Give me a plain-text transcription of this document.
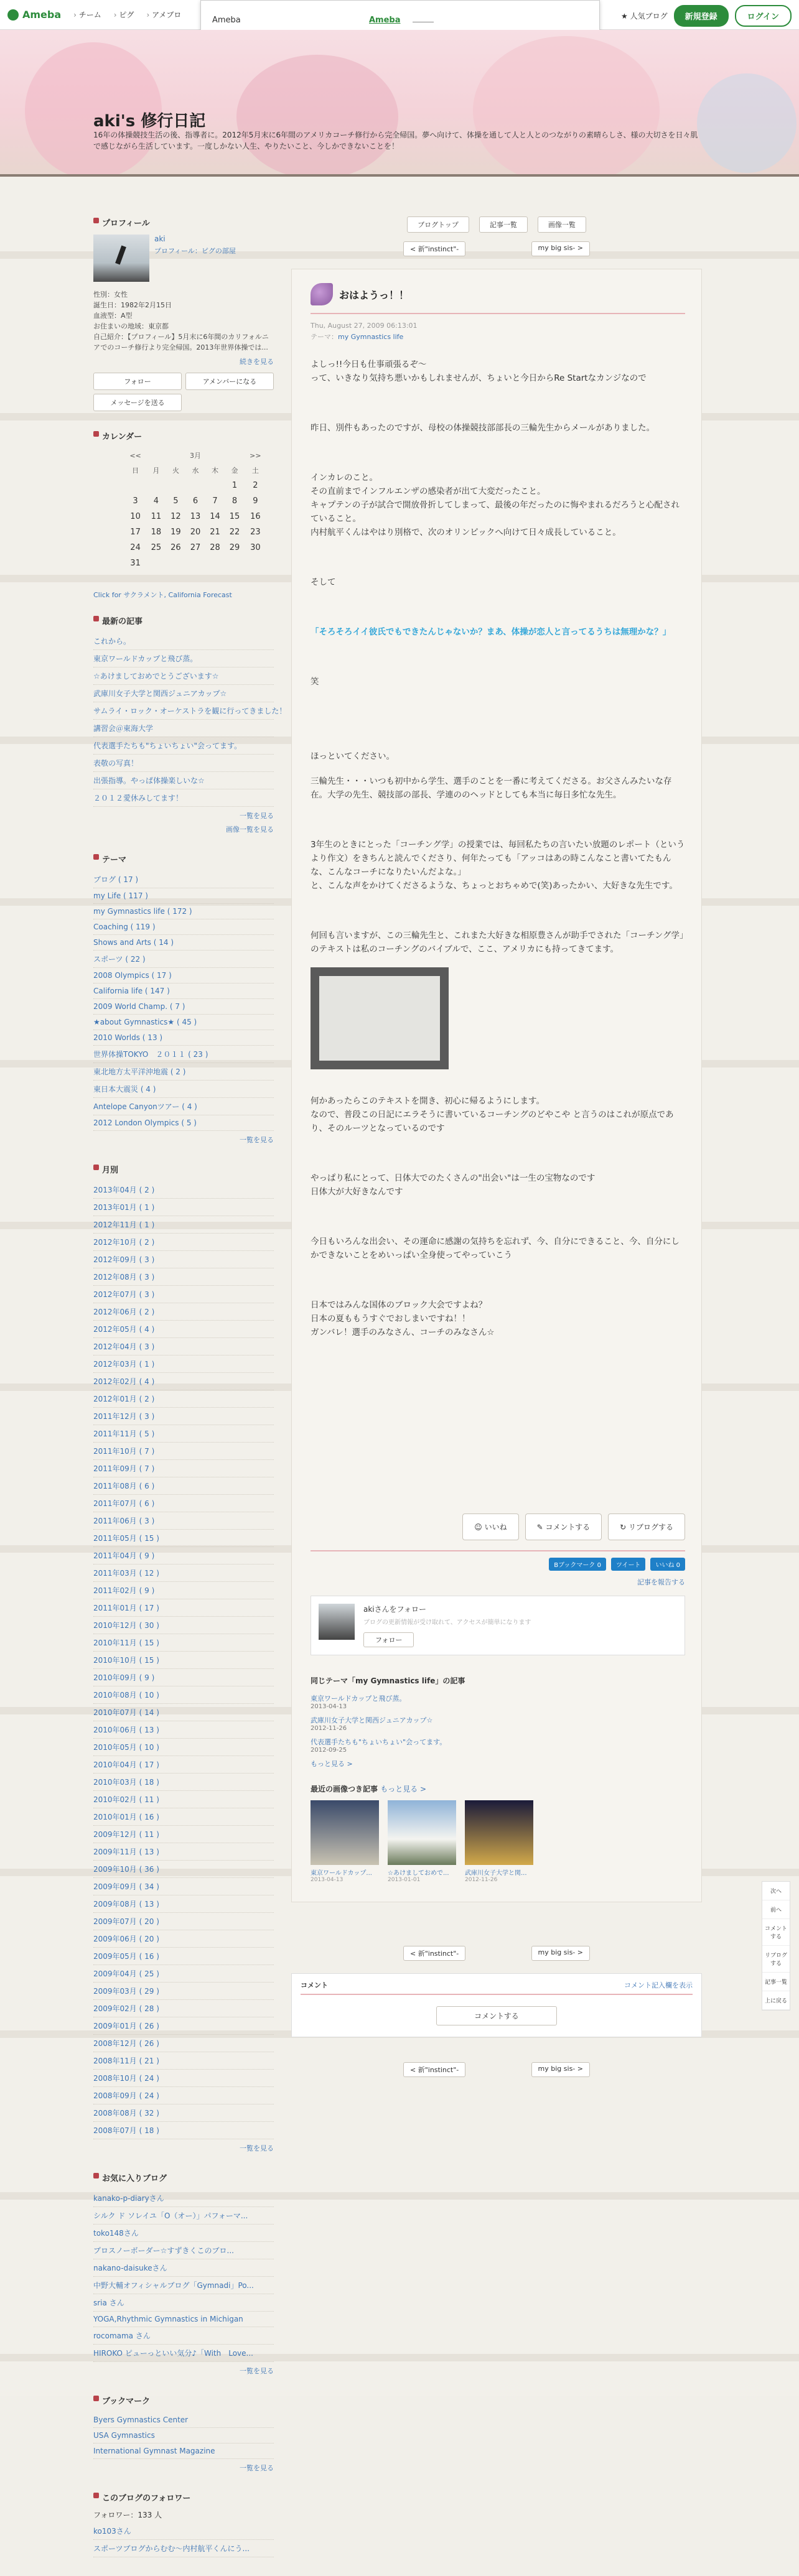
Ameba	› チーム	› ピグ	› アメブロ	★ 人気ブログ	新規登録	ログイン
Ameba	Ameba
aki's 修行日記
16年の体操競技生活の後、指導者に。2012年5月末に6年間のアメリカコーチ修行から完全帰国。夢へ向けて、体操を通して人と人とのつながりの素晴らしさ、様の大切さを日々肌で感じながら生活しています。一度しかない人生、やりたいこと、今しかできないことを！
プロフィール
aki
プロフィール：ピグの部屋
性別：女性
誕生日：1982年2月15日
血液型：A型
お住まいの地域：東京都
自己紹介：【プロフィール】5月末に6年間のカリフォルニアでのコーチ修行より完全帰国。2013年世界体操では...
続きを見る
フォロー	アメンバーになる
メッセージを送る
カレンダー
<<	3月					>>
日	月	火	水	木	金	土
					1	2
3	4	5	6	7	8	9
10	11	12	13	14	15	16
17	18	19	20	21	22	23
24	25	26	27	28	29	30
31						
Click for サクラメント, California Forecast
最新の記事
これから。
東京ワールドカップと飛び蒸。
☆あけましておめでとうございます☆
武庫川女子大学と関西ジュニアカップ☆
サムライ・ロック・オーケストラを観に行ってきました！
講習会＠東海大学
代表選手たちも"ちょいちょい"会ってます。
表敬の写真！
出張指導。やっぱ体操楽しいな☆
２０１２愛休みしてます！
一覧を見る
画像一覧を見る
テーマ
ブログ ( 17 )
my Life ( 117 )
my Gymnastics life ( 172 )
Coaching ( 119 )
Shows and Arts ( 14 )
スポーツ ( 22 )
2008 Olympics ( 17 )
California life ( 147 )
2009 World Champ. ( 7 )
★about Gymnastics★ ( 45 )
2010 Worlds ( 13 )
世界体操TOKYO　２０１１ ( 23 )
東北地方太平洋沖地震 ( 2 )
東日本大震災 ( 4 )
Antelope Canyonツアー ( 4 )
2012 London Olympics ( 5 )
一覧を見る
月別
2013年04月 ( 2 )
2013年01月 ( 1 )
2012年11月 ( 1 )
2012年10月 ( 2 )
2012年09月 ( 3 )
2012年08月 ( 3 )
2012年07月 ( 3 )
2012年06月 ( 2 )
2012年05月 ( 4 )
2012年04月 ( 3 )
2012年03月 ( 1 )
2012年02月 ( 4 )
2012年01月 ( 2 )
2011年12月 ( 3 )
2011年11月 ( 5 )
2011年10月 ( 7 )
2011年09月 ( 7 )
2011年08月 ( 6 )
2011年07月 ( 6 )
2011年06月 ( 3 )
2011年05月 ( 15 )
2011年04月 ( 9 )
2011年03月 ( 12 )
2011年02月 ( 9 )
2011年01月 ( 17 )
2010年12月 ( 30 )
2010年11月 ( 15 )
2010年10月 ( 15 )
2010年09月 ( 9 )
2010年08月 ( 10 )
2010年07月 ( 14 )
2010年06月 ( 13 )
2010年05月 ( 10 )
2010年04月 ( 17 )
2010年03月 ( 18 )
2010年02月 ( 11 )
2010年01月 ( 16 )
2009年12月 ( 11 )
2009年11月 ( 13 )
2009年10月 ( 36 )
2009年09月 ( 34 )
2009年08月 ( 13 )
2009年07月 ( 20 )
2009年06月 ( 20 )
2009年05月 ( 16 )
2009年04月 ( 25 )
2009年03月 ( 29 )
2009年02月 ( 28 )
2009年01月 ( 26 )
2008年12月 ( 26 )
2008年11月 ( 21 )
2008年10月 ( 24 )
2008年09月 ( 24 )
2008年08月 ( 32 )
2008年07月 ( 18 )
一覧を見る
お気に入りブログ
kanako-p-diaryさん
シルク ド ソレイユ「O（オー）」パフォーマ...
toko148さん
プロスノーボーダー☆すずきくこのブロ...
nakano-daisukeさん
中野大輔オフィシャルブログ「Gymnadi」Po...
sria さん
YOGA,Rhythmic Gymnastics in Michigan
rocomama さん
HIROKO ピューっといい気分♪「With　Love...
一覧を見る
ブックマーク
Byers Gymnastics Center
USA Gymnastics
International Gymnast Magazine
一覧を見る
このブログのフォロワー
フォロワー：133 人
ko103さん
スポーツブログからむむ〜内村航平くんにう...
ブログトップ	記事一覧	画像一覧
< 新"instinct"-	my big sis- >
おはようっ！！
Thu, August 27, 2009 06:13:01
テーマ：my Gymnastics life

よしっ!!今日も仕事頑張るぞ〜
って、いきなり気持ち悪いかもしれませんが、ちょいと今日からRe Startなカンジなので

昨日、別件もあったのですが、母校の体操競技部部長の三輪先生からメールがありました。

インカレのこと。
その直前までインフルエンザの感染者が出て大変だったこと。
キャプテンの子が試合で開放骨折してしまって、最後の年だったのに悔やまれるだろうと心配されていること。
内村航平くんはやはり別格で、次のオリンピックへ向けて日々成長していること。

そして

「そろそろイイ彼氏でもできたんじゃないか？まあ、体操が恋人と言ってるうちは無理かな？」

笑

ほっといてください。

三輪先生・・・いつも初中から学生、選手のことを一番に考えてくださる。お父さんみたいな存在。大学の先生、競技部の部長、学連ののヘッドとしても本当に毎日多忙な先生。

3年生のときにとった「コーチング学」の授業では、毎回私たちの言いたい放題のレポート（というより作文）をきちんと読んでくださり、何年たっても「アッコはあの時こんなこと書いてたもんな、こんなコーチになりたいんだよな。」
と、こんな声をかけてくださるような、ちょっとおちゃめで(笑)あったかい、大好きな先生です。

何回も言いますが、この三輪先生と、これまた大好きな相原豊さんが助手でされた「コーチング学」のテキストは私のコーチングのバイブルで、ここ、アメリカにも持ってきてます。

何かあったらこのテキストを開き、初心に帰るようにします。
なので、普段この日記にエラそうに書いているコーチングのどやこや と言うのはこれが原点であり、そのルーツとなっているのです

やっぱり私にとって、日体大でのたくさんの"出会い"は一生の宝物なのです
日体大が大好きなんです

今日もいろんな出会い、その運命に感謝の気持ちを忘れず、今、自分にできること、今、自分にしかできないことをめいっぱい全身使ってやっていこう

日本ではみんな国体のブロック大会ですよね？
日本の夏ももうすぐでおしまいですね！！
ガンバレ！選手のみなさん、コーチのみなさん☆

☺ いいね	✎ コメントする	↻ リブログする
Bブックマーク 0	ツイート	いいね 0
記事を報告する
akiさんをフォロー
ブログの更新情報が受け取れて、アクセスが簡単になります
フォロー
同じテーマ「my Gymnastics life」の記事
東京ワールドカップと飛び蒸。
2013-04-13
武庫川女子大学と関西ジュニアカップ☆
2012-11-26
代表選手たちも"ちょいちょい"会ってます。
2012-09-25
もっと見る >
最近の画像つき記事 もっと見る >
東京ワールドカップ...
2013-04-13
☆あけましておめで...
2013-01-01
武庫川女子大学と関...
2012-11-26
< 新"instinct"-	my big sis- >
コメント	コメント記入欄を表示
コメントする
< 新"instinct"-	my big sis- >
次へ
前へ
コメントする
リブログする
記事一覧
上に戻る
